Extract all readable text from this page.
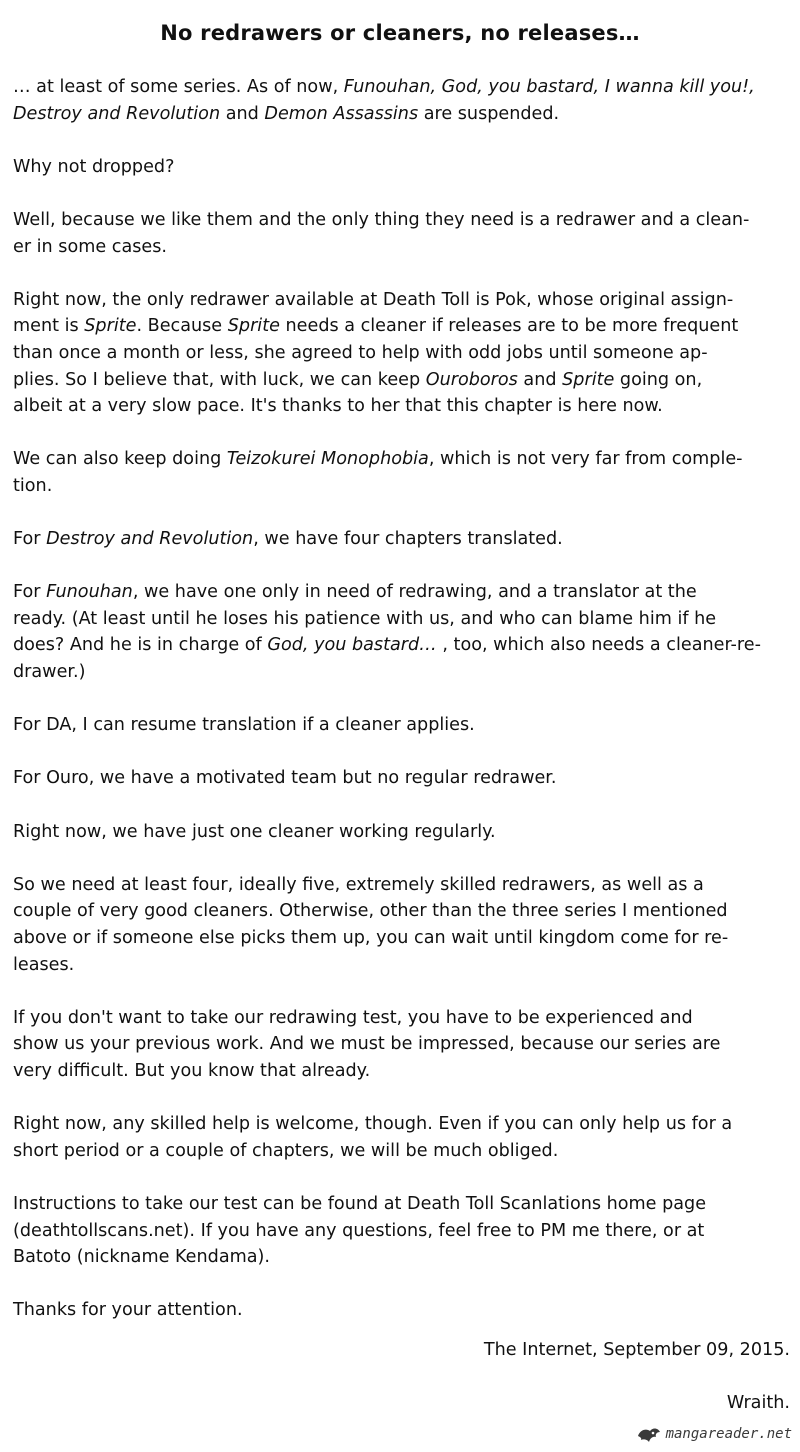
No redrawers or cleaners, no releases…

… at least of some series. As of now, Funouhan, God, you bastard, I wanna kill you!,
Destroy and Revolution and Demon Assassins are suspended.

Why not dropped?

Well, because we like them and the only thing they need is a redrawer and a clean-
er in some cases.

Right now, the only redrawer available at Death Toll is Pok, whose original assign-
ment is Sprite. Because Sprite needs a cleaner if releases are to be more frequent
than once a month or less, she agreed to help with odd jobs until someone ap-
plies. So I believe that, with luck, we can keep Ouroboros and Sprite going on,
albeit at a very slow pace. It's thanks to her that this chapter is here now.

We can also keep doing Teizokurei Monophobia, which is not very far from comple-
tion.

For Destroy and Revolution, we have four chapters translated.

For Funouhan, we have one only in need of redrawing, and a translator at the
ready. (At least until he loses his patience with us, and who can blame him if he
does? And he is in charge of God, you bastard… , too, which also needs a cleaner-re-
drawer.)

For DA, I can resume translation if a cleaner applies.

For Ouro, we have a motivated team but no regular redrawer.

Right now, we have just one cleaner working regularly.

So we need at least four, ideally five, extremely skilled redrawers, as well as a
couple of very good cleaners. Otherwise, other than the three series I mentioned
above or if someone else picks them up, you can wait until kingdom come for re-
leases.

If you don't want to take our redrawing test, you have to be experienced and
show us your previous work. And we must be impressed, because our series are
very difficult. But you know that already.

Right now, any skilled help is welcome, though. Even if you can only help us for a
short period or a couple of chapters, we will be much obliged.

Instructions to take our test can be found at Death Toll Scanlations home page
(deathtollscans.net). If you have any questions, feel free to PM me there, or at
Batoto (nickname Kendama).

Thanks for your attention.

The Internet, September 09, 2015.
Wraith.
mangareader.net
